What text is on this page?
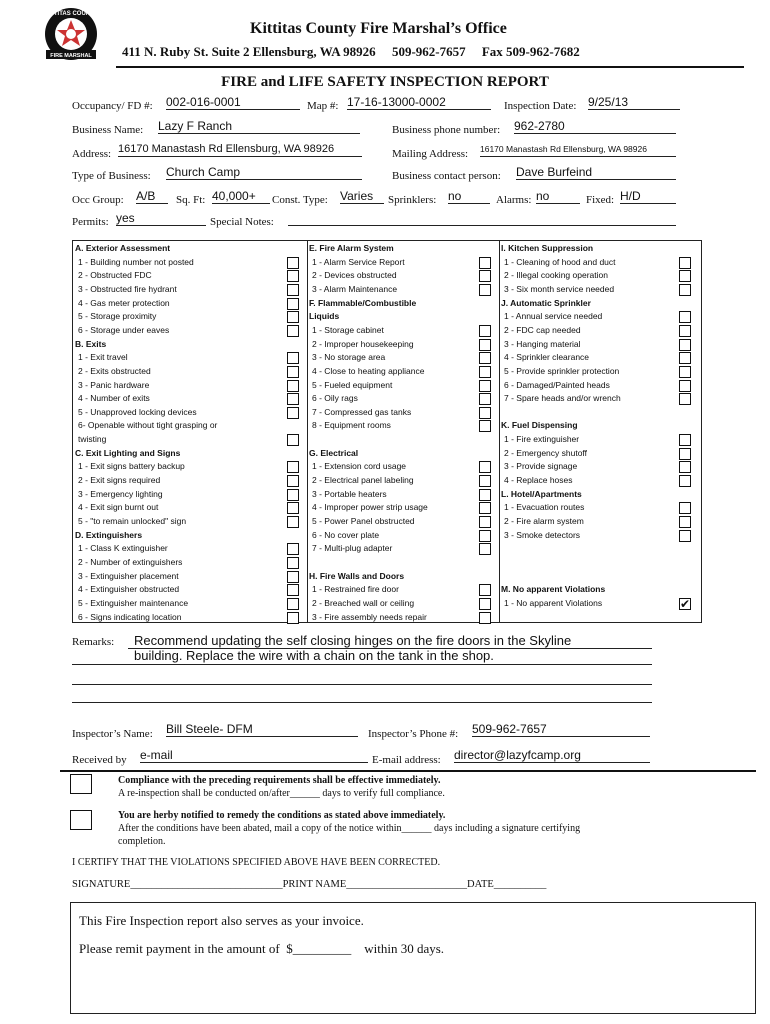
KITTITAS COUNTY
FIRE MARSHAL
Kittitas County Fire Marshal’s Office
411 N. Ruby St. Suite 2 Ellensburg, WA 98926 509-962-7657 Fax 509-962-7682
FIRE and LIFE SAFETY INSPECTION REPORT
Occupancy/ FD #: 002-016-0001	Map #: 17-16-13000-0002	Inspection Date: 9/25/13
Business Name: Lazy F Ranch	Business phone number: 962-2780
Address: 16170 Manastash Rd Ellensburg, WA 98926	Mailing Address: 16170 Manastash Rd Ellensburg, WA 98926
Type of Business: Church Camp	Business contact person: Dave Burfeind
Occ Group: A/B	Sq. Ft: 40,000+	Const. Type: Varies	Sprinklers: no	Alarms: no	Fixed: H/D
Permits: yes	Special Notes:
A. Exterior Assessment
1 - Building number not posted
2 - Obstructed FDC
3 - Obstructed fire hydrant
4 - Gas meter protection
5 - Storage proximity
6 - Storage under eaves
B. Exits
1 - Exit travel
2 - Exits obstructed
3 - Panic hardware
4 - Number of exits
5 - Unapproved locking devices
6- Openable without tight grasping or
twisting
C. Exit Lighting and Signs
1 - Exit signs battery backup
2 - Exit signs required
3 - Emergency lighting
4 - Exit sign burnt out
5 - "to remain unlocked" sign
D. Extinguishers
1 - Class K extinguisher
2 - Number of extinguishers
3 - Extinguisher placement
4 - Extinguisher obstructed
5 - Extinguisher maintenance
6 - Signs indicating location
E. Fire Alarm System
1 - Alarm Service Report
2 - Devices obstructed
3 - Alarm Maintenance
F. Flammable/Combustible
Liquids
1 - Storage cabinet
2 - Improper housekeeping
3 - No storage area
4 - Close to heating appliance
5 - Fueled equipment
6 - Oily rags
7 - Compressed gas tanks
8 - Equipment rooms
G. Electrical
1 - Extension cord usage
2 - Electrical panel labeling
3 - Portable heaters
4 - Improper power strip usage
5 - Power Panel obstructed
6 - No cover plate
7 - Multi-plug adapter
H. Fire Walls and Doors
1 - Restrained fire door
2 - Breached wall or ceiling
3 - Fire assembly needs repair
I. Kitchen Suppression
1 - Cleaning of hood and duct
2 - Illegal cooking operation
3 - Six month service needed
J. Automatic Sprinkler
1 - Annual service needed
2 - FDC cap needed
3 - Hanging material
4 - Sprinkler clearance
5 - Provide sprinkler protection
6 - Damaged/Painted heads
7 - Spare heads and/or wrench
K. Fuel Dispensing
1 - Fire extinguisher
2 - Emergency shutoff
3 - Provide signage
4 - Replace hoses
L. Hotel/Apartments
1 - Evacuation routes
2 - Fire alarm system
3 - Smoke detectors
M. No apparent Violations
1 - No apparent Violations	✔
Remarks: Recommend updating the self closing hinges on the fire doors in the Skyline
building. Replace the wire with a chain on the tank in the shop.
Inspector’s Name: Bill Steele- DFM	Inspector’s Phone #: 509-962-7657
Received by e-mail	E-mail address: director@lazyfcamp.org
Compliance with the preceding requirements shall be effective immediately.
A re-inspection shall be conducted on/after______ days to verify full compliance.
You are herby notified to remedy the conditions as stated above immediately.
After the conditions have been abated, mail a copy of the notice within______ days including a signature certifying
completion.
I CERTIFY THAT THE VIOLATIONS SPECIFIED ABOVE HAVE BEEN CORRECTED.
SIGNATURE_____________________________PRINT NAME_______________________DATE__________
This Fire Inspection report also serves as your invoice.
Please remit payment in the amount of $_________ within 30 days.
